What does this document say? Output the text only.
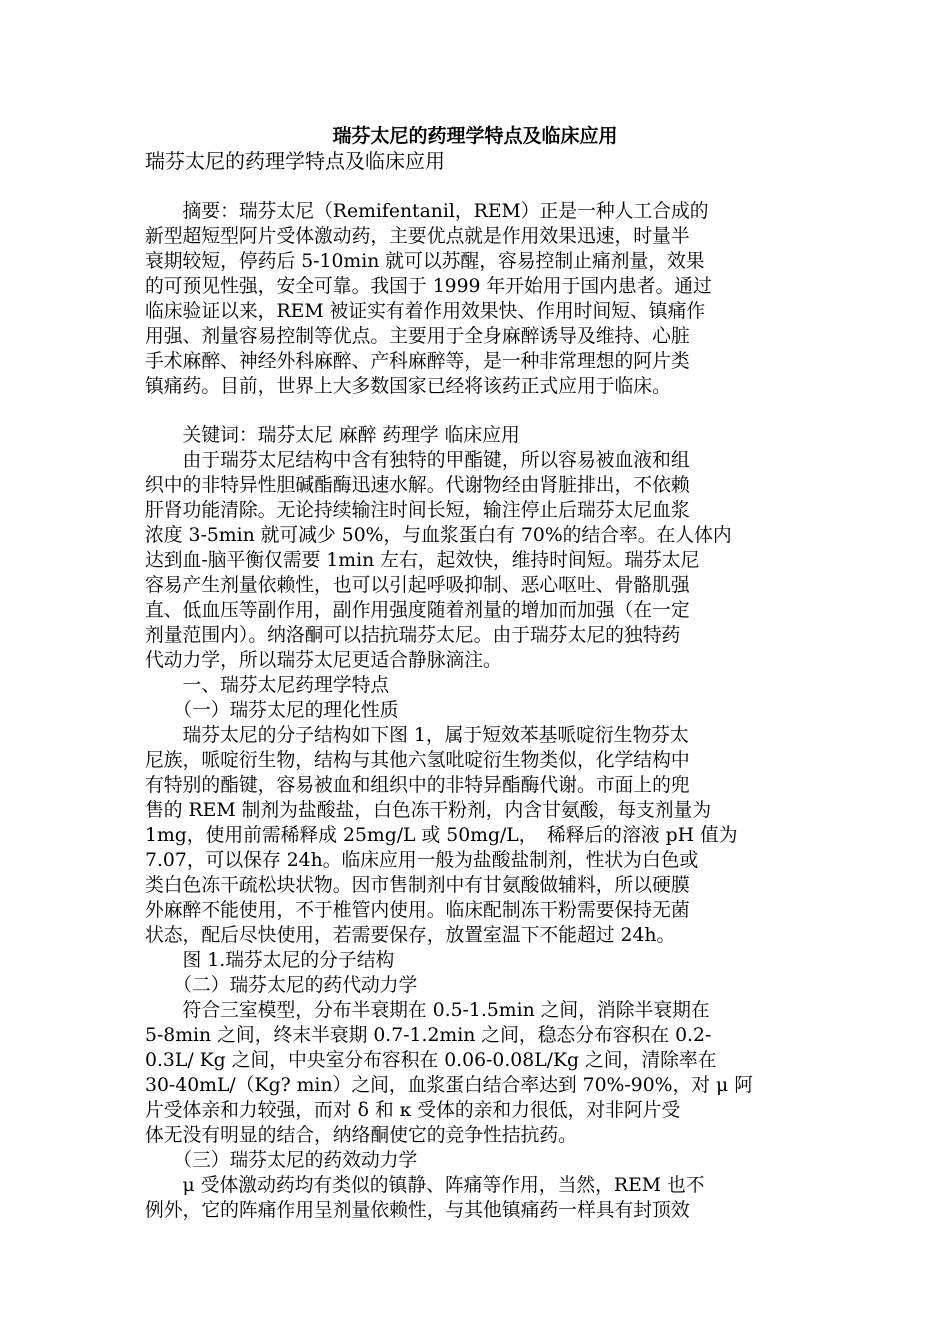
瑞芬太尼的药理学特点及临床应用
瑞芬太尼的药理学特点及临床应用
　　摘要：瑞芬太尼（Remifentanil，REM）正是一种人工合成的
新型超短型阿片受体激动药，主要优点就是作用效果迅速，时量半
衰期较短，停药后 5-10min 就可以苏醒，容易控制止痛剂量，效果
的可预见性强，安全可靠。我国于 1999 年开始用于国内患者。通过
临床验证以来，REM 被证实有着作用效果快、作用时间短、镇痛作
用强、剂量容易控制等优点。主要用于全身麻醉诱导及维持、心脏
手术麻醉、神经外科麻醉、产科麻醉等，是一种非常理想的阿片类
镇痛药。目前，世界上大多数国家已经将该药正式应用于临床。
　　关键词：瑞芬太尼 麻醉 药理学 临床应用
　　由于瑞芬太尼结构中含有独特的甲酯键，所以容易被血液和组
织中的非特异性胆碱酯酶迅速水解。代谢物经由肾脏排出，不依赖
肝肾功能清除。无论持续输注时间长短，输注停止后瑞芬太尼血浆
浓度 3-5min 就可减少 50%，与血浆蛋白有 70%的结合率。在人体内
达到血-脑平衡仅需要 1min 左右，起效快，维持时间短。瑞芬太尼
容易产生剂量依赖性，也可以引起呼吸抑制、恶心呕吐、骨骼肌强
直、低血压等副作用，副作用强度随着剂量的增加而加强（在一定
剂量范围内）。纳洛酮可以拮抗瑞芬太尼。由于瑞芬太尼的独特药
代动力学，所以瑞芬太尼更适合静脉滴注。
　　一、瑞芬太尼药理学特点
　　（一）瑞芬太尼的理化性质
　　瑞芬太尼的分子结构如下图 1，属于短效苯基哌啶衍生物芬太
尼族，哌啶衍生物，结构与其他六氢吡啶衍生物类似，化学结构中
有特别的酯键，容易被血和组织中的非特异酯酶代谢。市面上的兜
售的 REM 制剂为盐酸盐，白色冻干粉剂，内含甘氨酸，每支剂量为
1mg，使用前需稀释成 25mg/L 或 50mg/L，　稀释后的溶液 pH 值为
7.07，可以保存 24h。临床应用一般为盐酸盐制剂，性状为白色或
类白色冻干疏松块状物。因市售制剂中有甘氨酸做辅料，所以硬膜
外麻醉不能使用，不于椎管内使用。临床配制冻干粉需要保持无菌
状态，配后尽快使用，若需要保存，放置室温下不能超过 24h。
　　图 1.瑞芬太尼的分子结构
　　（二）瑞芬太尼的药代动力学
　　符合三室模型，分布半衰期在 0.5-1.5min 之间，消除半衰期在
5-8min 之间，终末半衰期 0.7-1.2min 之间，稳态分布容积在 0.2-
0.3L/ Kg 之间，中央室分布容积在 0.06-0.08L/Kg 之间，清除率在
30-40mL/（Kg? min）之间，血浆蛋白结合率达到 70%-90%，对 μ 阿
片受体亲和力较强，而对 δ 和 κ 受体的亲和力很低，对非阿片受
体无没有明显的结合，纳络酮使它的竞争性拮抗药。
　　（三）瑞芬太尼的药效动力学
　　μ 受体激动药均有类似的镇静、阵痛等作用，当然，REM 也不
例外，它的阵痛作用呈剂量依赖性，与其他镇痛药一样具有封顶效
